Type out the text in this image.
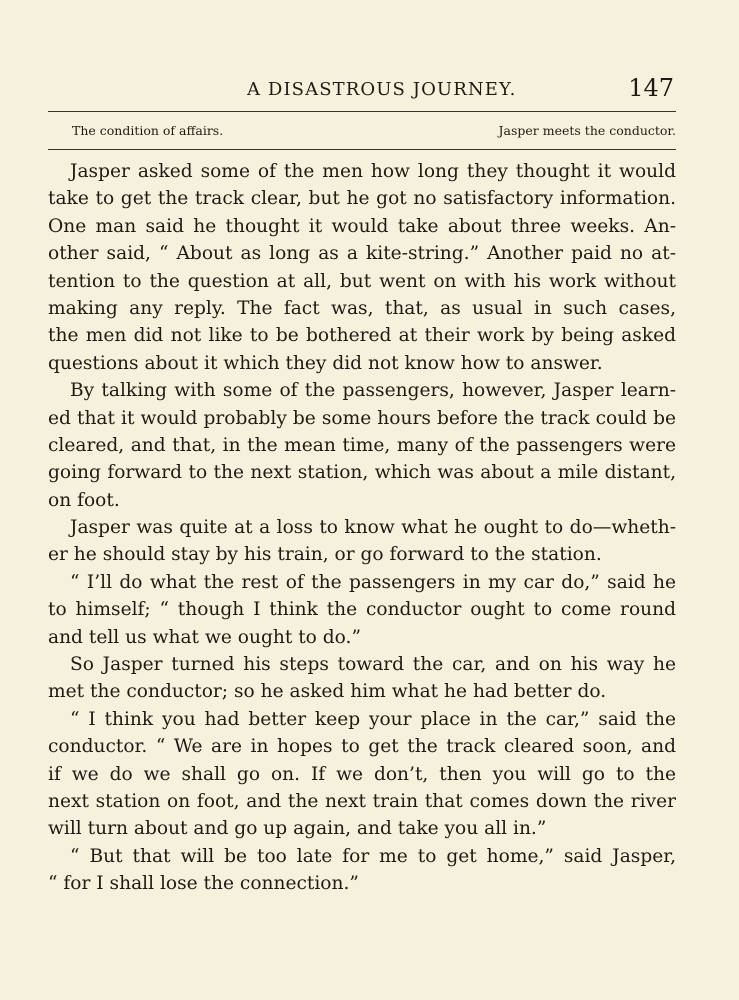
A DISASTROUS JOURNEY.	147
The condition of affairs.	Jasper meets the conductor.
Jasper asked some of the men how long they thought it would
take to get the track clear, but he got no satisfactory information.
One man said he thought it would take about three weeks. An-
other said, “ About as long as a kite-string.” Another paid no at-
tention to the question at all, but went on with his work without
making any reply. The fact was, that, as usual in such cases,
the men did not like to be bothered at their work by being asked
questions about it which they did not know how to answer.
By talking with some of the passengers, however, Jasper learn-
ed that it would probably be some hours before the track could be
cleared, and that, in the mean time, many of the passengers were
going forward to the next station, which was about a mile distant,
on foot.
Jasper was quite at a loss to know what he ought to do—wheth-
er he should stay by his train, or go forward to the station.
“ I’ll do what the rest of the passengers in my car do,” said he
to himself; “ though I think the conductor ought to come round
and tell us what we ought to do.”
So Jasper turned his steps toward the car, and on his way he
met the conductor; so he asked him what he had better do.
“ I think you had better keep your place in the car,” said the
conductor. “ We are in hopes to get the track cleared soon, and
if we do we shall go on. If we don’t, then you will go to the
next station on foot, and the next train that comes down the river
will turn about and go up again, and take you all in.”
“ But that will be too late for me to get home,” said Jasper,
“ for I shall lose the connection.”
